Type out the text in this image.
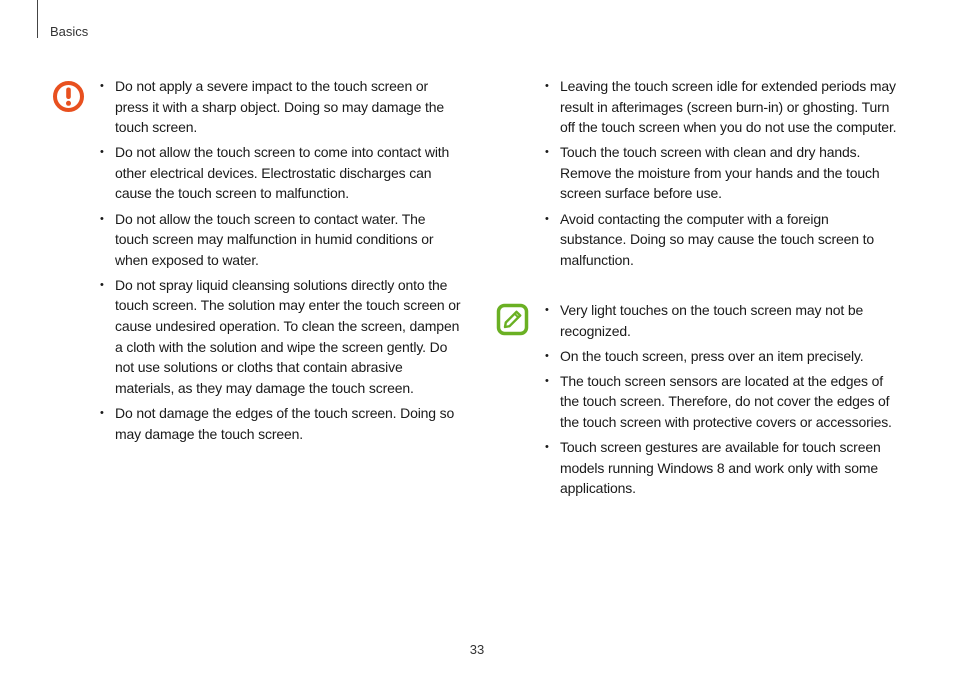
Basics
• Do not apply a severe impact to the touch screen or press it with a sharp object. Doing so may damage the touch screen.
• Do not allow the touch screen to come into contact with other electrical devices. Electrostatic discharges can cause the touch screen to malfunction.
• Do not allow the touch screen to contact water. The touch screen may malfunction in humid conditions or when exposed to water.
• Do not spray liquid cleansing solutions directly onto the touch screen. The solution may enter the touch screen or cause undesired operation. To clean the screen, dampen a cloth with the solution and wipe the screen gently. Do not use solutions or cloths that contain abrasive materials, as they may damage the touch screen.
• Do not damage the edges of the touch screen. Doing so may damage the touch screen.
• Leaving the touch screen idle for extended periods may result in afterimages (screen burn-in) or ghosting. Turn off the touch screen when you do not use the computer.
• Touch the touch screen with clean and dry hands. Remove the moisture from your hands and the touch screen surface before use.
• Avoid contacting the computer with a foreign substance. Doing so may cause the touch screen to malfunction.
• Very light touches on the touch screen may not be recognized.
• On the touch screen, press over an item precisely.
• The touch screen sensors are located at the edges of the touch screen. Therefore, do not cover the edges of the touch screen with protective covers or accessories.
• Touch screen gestures are available for touch screen models running Windows 8 and work only with some applications.
33
